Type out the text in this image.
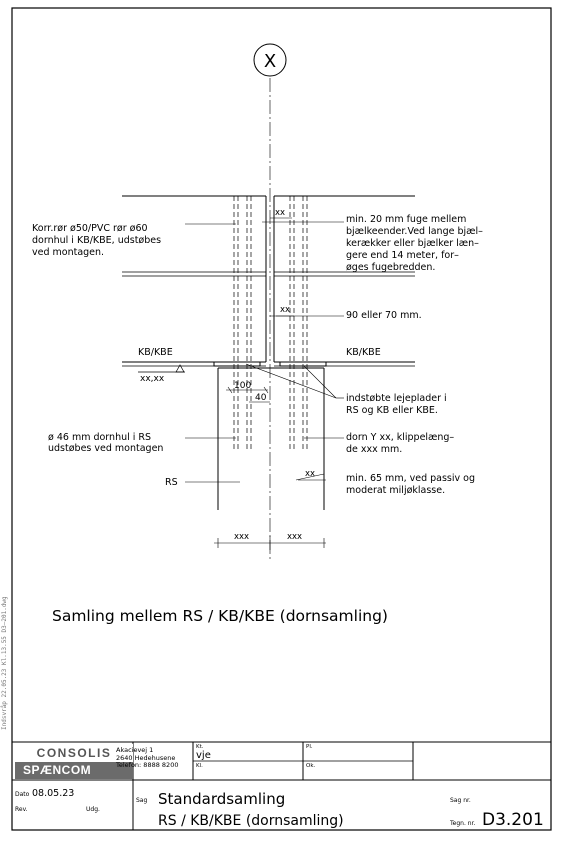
X
Korr.rør ø50/PVC rør ø60
dornhul i KB/KBE, udstøbes
ved montagen.
min. 20 mm fuge mellem
bjælkeender.Ved lange bjæl–
kerækker eller bjælker læn–
gere end 14 meter, for–
øges fugebredden.
xx
xx	90 eller 70 mm.
KB/KBE	KB/KBE
xx,xx
100
40	indstøbte lejeplader i
RS og KB eller KBE.
ø 46 mm dornhul i RS
udstøbes ved montagen
dorn Y xx, klippelæng–
de xxx mm.
RS
xx	min. 65 mm, ved passiv og
moderat miljøklasse.
xxx	xxx
Samling mellem RS / KB/KBE (dornsamling)
Kt.
vje
Pl.
Kl.	Ok.
Dato 08.05.23
Rev.	Udg.
Sag Standardsamling
RS / KB/KBE (dornsamling)
Sag nr.
Tegn. nr. D3.201
CONSOLIS
SPÆNCOM
Akacievej 1
2640 Hedehusene
Telefon: 8888 8200
Indsvråp 22.05.23 Kl.13.55 D3–201.dwg
